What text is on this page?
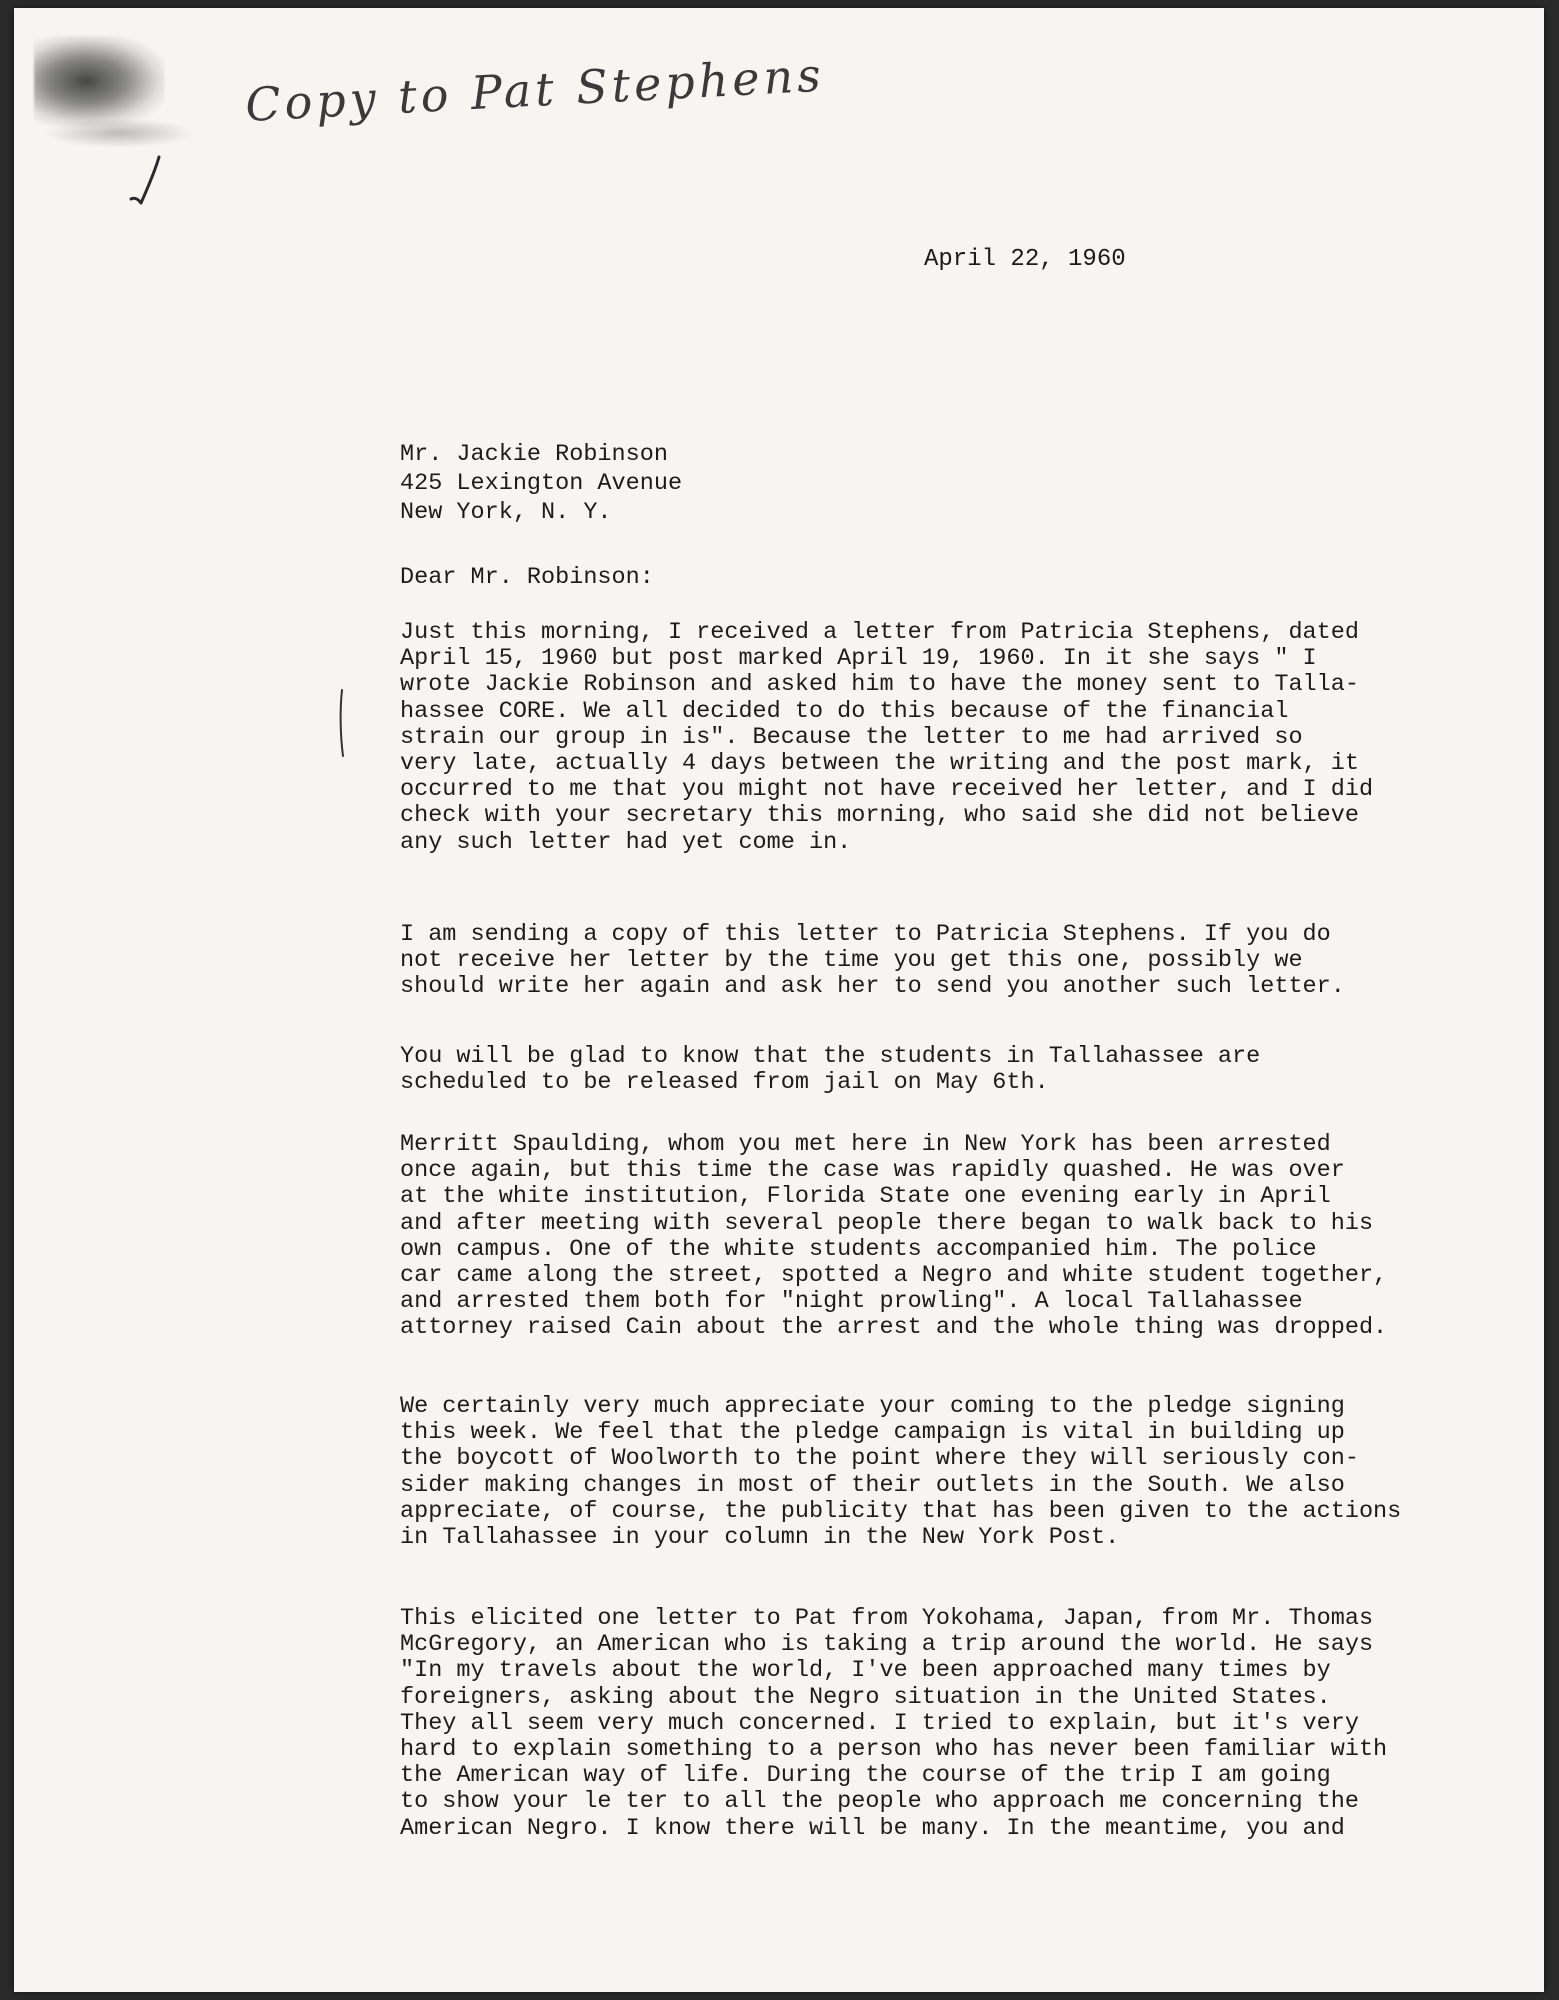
Copy to Pat Stephens
April 22, 1960
Mr. Jackie Robinson
425 Lexington Avenue
New York, N. Y.
Dear Mr. Robinson:
Just this morning, I received a letter from Patricia Stephens, dated
April 15, 1960 but post marked April 19, 1960. In it she says " I
wrote Jackie Robinson and asked him to have the money sent to Talla-
hassee CORE. We all decided to do this because of the financial
strain our group in is". Because the letter to me had arrived so
very late, actually 4 days between the writing and the post mark, it
occurred to me that you might not have received her letter, and I did
check with your secretary this morning, who said she did not believe
any such letter had yet come in.
I am sending a copy of this letter to Patricia Stephens. If you do
not receive her letter by the time you get this one, possibly we
should write her again and ask her to send you another such letter.
You will be glad to know that the students in Tallahassee are
scheduled to be released from jail on May 6th.
Merritt Spaulding, whom you met here in New York has been arrested
once again, but this time the case was rapidly quashed. He was over
at the white institution, Florida State one evening early in April
and after meeting with several people there began to walk back to his
own campus. One of the white students accompanied him. The police
car came along the street, spotted a Negro and white student together,
and arrested them both for "night prowling". A local Tallahassee
attorney raised Cain about the arrest and the whole thing was dropped.
We certainly very much appreciate your coming to the pledge signing
this week. We feel that the pledge campaign is vital in building up
the boycott of Woolworth to the point where they will seriously con-
sider making changes in most of their outlets in the South. We also
appreciate, of course, the publicity that has been given to the actions
in Tallahassee in your column in the New York Post.
This elicited one letter to Pat from Yokohama, Japan, from Mr. Thomas
McGregory, an American who is taking a trip around the world. He says
"In my travels about the world, I've been approached many times by
foreigners, asking about the Negro situation in the United States.
They all seem very much concerned. I tried to explain, but it's very
hard to explain something to a person who has never been familiar with
the American way of life. During the course of the trip I am going
to show your le ter to all the people who approach me concerning the
American Negro. I know there will be many. In the meantime, you and
